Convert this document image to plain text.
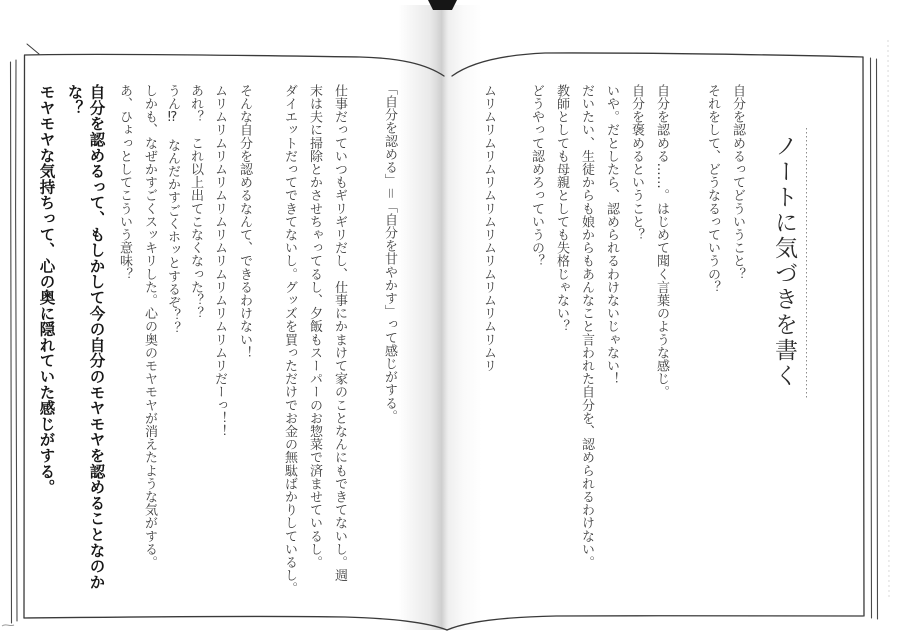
ノートに気づきを書く
自分を認めるってどういうこと？
それをして、どうなるっていうの？
自分を認める……。はじめて聞く言葉のような感じ。
自分を褒めるということ？
いや。だとしたら、認められるわけないじゃない！
だいたい、生徒からも娘からもあんなこと言われた自分を、認められるわけない。
教師としても母親としても失格じゃない？
どうやって認めろっていうの？
ムリムリムリムリムリムリムリムリムリムリムリ
「自分を認める」＝「自分を甘やかす」って感じがする。
仕事だっていつもギリギリだし、仕事にかまけて家のことなんにもできてないし。週
末は夫に掃除とかさせちゃってるし、夕飯もスーパーのお惣菜で済ませているし。
ダイエットだってできてないし。グッズを買っただけでお金の無駄ばかりしているし。
そんな自分を認めるなんて、できるわけない！
ムリムリムリムリムリムリムリムリムリムリムリだーっ！！
あれ？　これ以上出てこなくなった？？
うん⁉　なんだかすごくホッとするぞ？？
しかも、なぜかすごくスッキリした。心の奥のモヤモヤが消えたような気がする。
あ、ひょっとしてこういう意味？
自分を認めるって、もしかして今の自分のモヤモヤを認めることなのか
な？
モヤモヤな気持ちって、心の奥に隠れていた感じがする。
